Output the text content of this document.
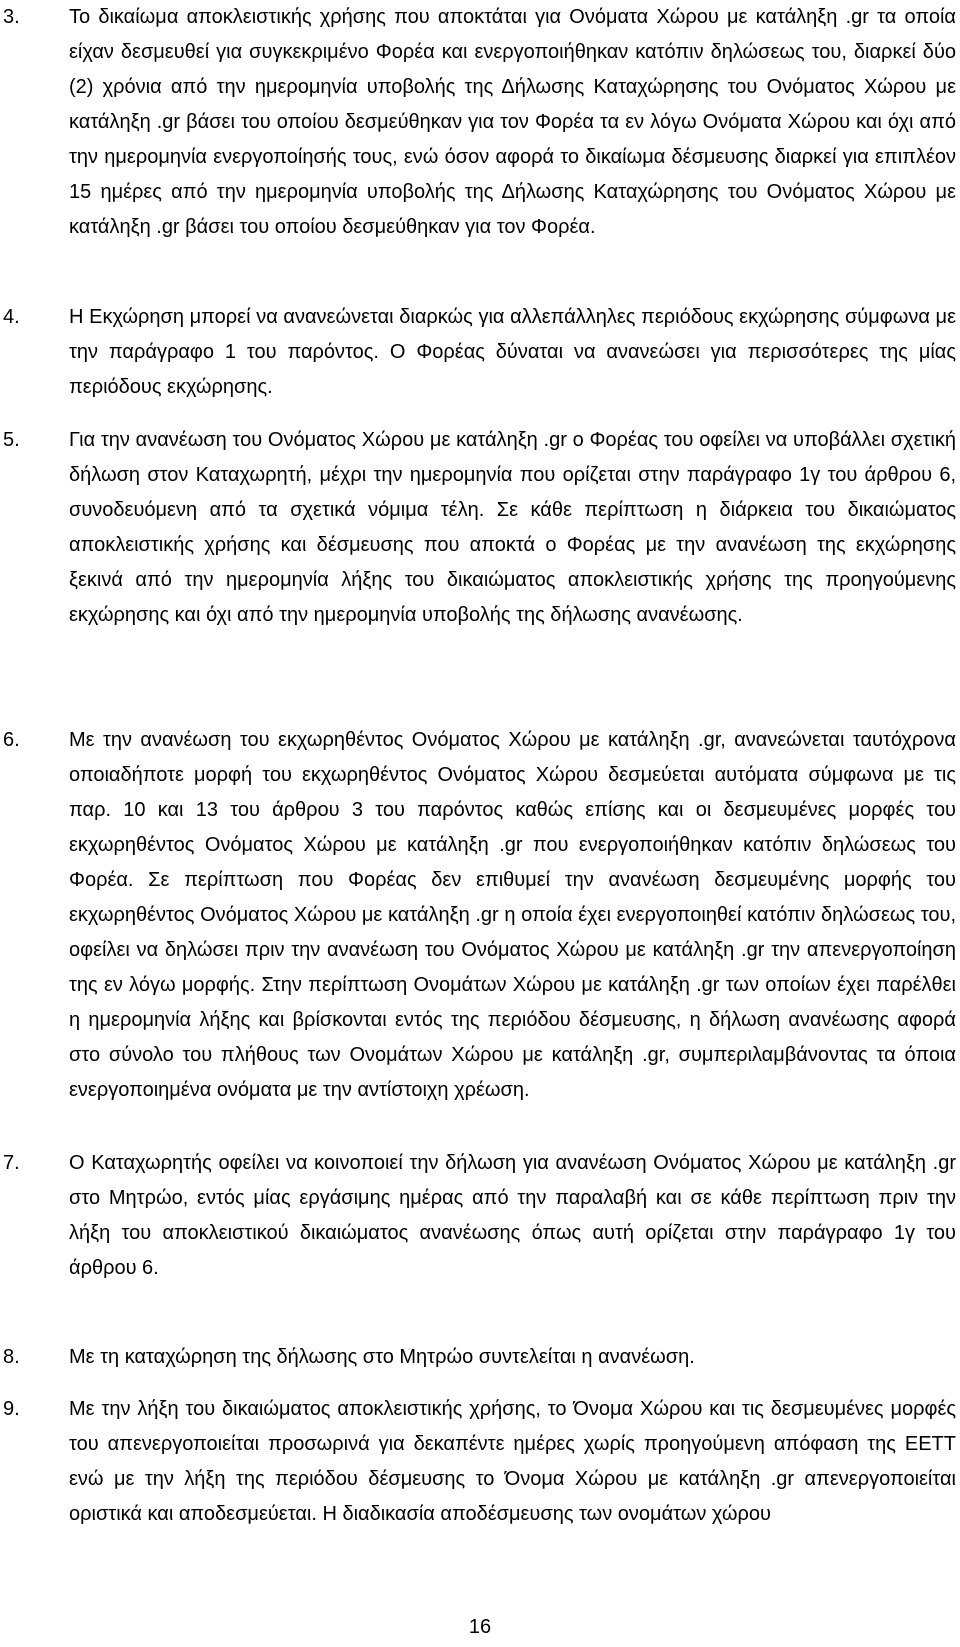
3. Το δικαίωμα αποκλειστικής χρήσης που αποκτάται για Ονόματα Χώρου με κατάληξη .gr τα οποία είχαν δεσμευθεί για συγκεκριμένο Φορέα και ενεργοποιήθηκαν κατόπιν δηλώσεως του, διαρκεί δύο (2) χρόνια από την ημερομηνία υποβολής της Δήλωσης Καταχώρησης του Ονόματος Χώρου με κατάληξη .gr βάσει του οποίου δεσμεύθηκαν για τον Φορέα τα εν λόγω Ονόματα Χώρου και όχι από την ημερομηνία ενεργοποίησής τους, ενώ όσον αφορά το δικαίωμα δέσμευσης διαρκεί για επιπλέον 15 ημέρες από την ημερομηνία υποβολής της Δήλωσης Καταχώρησης του Ονόματος Χώρου με κατάληξη .gr βάσει του οποίου δεσμεύθηκαν για τον Φορέα.

4. Η Εκχώρηση μπορεί να ανανεώνεται διαρκώς για αλλεπάλληλες περιόδους εκχώρησης σύμφωνα με την παράγραφο 1 του παρόντος. Ο Φορέας δύναται να ανανεώσει για περισσότερες της μίας περιόδους εκχώρησης.

5. Για την ανανέωση του Ονόματος Χώρου με κατάληξη .gr ο Φορέας του οφείλει να υποβάλλει σχετική δήλωση στον Καταχωρητή, μέχρι την ημερομηνία που ορίζεται στην παράγραφο 1γ του άρθρου 6, συνοδευόμενη από τα σχετικά νόμιμα τέλη. Σε κάθε περίπτωση η διάρκεια του δικαιώματος αποκλειστικής χρήσης και δέσμευσης που αποκτά ο Φορέας με την ανανέωση της εκχώρησης ξεκινά από την ημερομηνία λήξης του δικαιώματος αποκλειστικής χρήσης της προηγούμενης εκχώρησης και όχι από την ημερομηνία υποβολής της δήλωσης ανανέωσης.

6. Με την ανανέωση του εκχωρηθέντος Ονόματος Χώρου με κατάληξη .gr, ανανεώνεται ταυτόχρονα οποιαδήποτε μορφή του εκχωρηθέντος Ονόματος Χώρου δεσμεύεται αυτόματα σύμφωνα με τις παρ. 10 και 13 του άρθρου 3 του παρόντος καθώς επίσης και οι δεσμευμένες μορφές του εκχωρηθέντος Ονόματος Χώρου με κατάληξη .gr που ενεργοποιήθηκαν κατόπιν δηλώσεως του Φορέα. Σε περίπτωση που Φορέας δεν επιθυμεί την ανανέωση δεσμευμένης μορφής του εκχωρηθέντος Ονόματος Χώρου με κατάληξη .gr η οποία έχει ενεργοποιηθεί κατόπιν δηλώσεως του, οφείλει να δηλώσει πριν την ανανέωση του Ονόματος Χώρου με κατάληξη .gr την απενεργοποίηση της εν λόγω μορφής. Στην περίπτωση Ονομάτων Χώρου με κατάληξη .gr των οποίων έχει παρέλθει η ημερομηνία λήξης και βρίσκονται εντός της περιόδου δέσμευσης, η δήλωση ανανέωσης αφορά στο σύνολο του πλήθους των Ονομάτων Χώρου με κατάληξη .gr, συμπεριλαμβάνοντας τα όποια ενεργοποιημένα ονόματα με την αντίστοιχη χρέωση.

7. Ο Καταχωρητής οφείλει να κοινοποιεί την δήλωση για ανανέωση Ονόματος Χώρου με κατάληξη .gr στο Μητρώο, εντός μίας εργάσιμης ημέρας από την παραλαβή και σε κάθε περίπτωση πριν την λήξη του αποκλειστικού δικαιώματος ανανέωσης όπως αυτή ορίζεται στην παράγραφο 1γ του άρθρου 6.

8. Με τη καταχώρηση της δήλωσης στο Μητρώο συντελείται η ανανέωση.

9. Με την λήξη του δικαιώματος αποκλειστικής χρήσης, το Όνομα Χώρου και τις δεσμευμένες μορφές του απενεργοποιείται προσωρινά για δεκαπέντε ημέρες χωρίς προηγούμενη απόφαση της ΕΕΤΤ ενώ με την λήξη της περιόδου δέσμευσης το Όνομα Χώρου με κατάληξη .gr απενεργοποιείται οριστικά και αποδεσμεύεται. Η διαδικασία αποδέσμευσης των ονομάτων χώρου

16
